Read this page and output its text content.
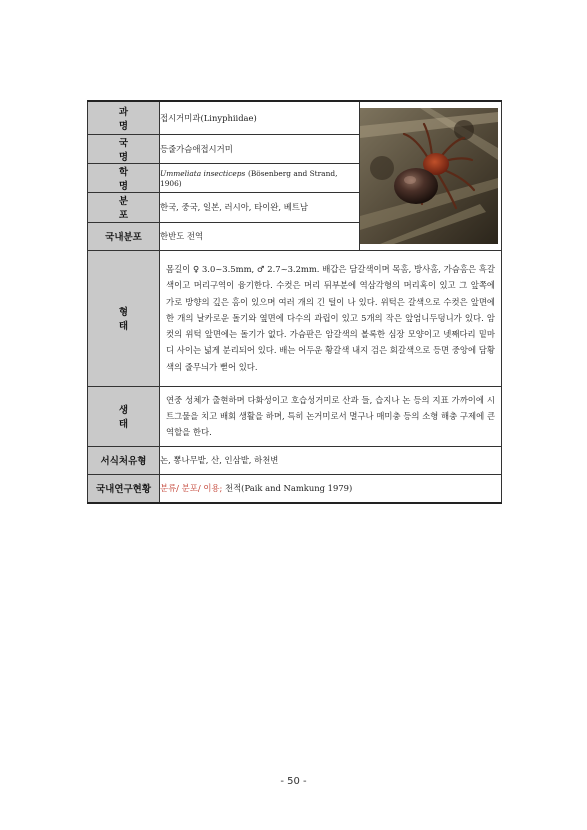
과 명	접시거미과(Linyphiidae)	

국 명	등줄가슴애접시거미	
학 명	Ummeliata insecticeps (Bösenberg and Strand, 1906)	
분 포	한국, 중국, 일본, 러시아, 타이완, 베트남	
국내분포	한반도 전역	
형 태	몸길이 ♀ 3.0~3.5mm, ♂ 2.7~3.2mm. 배갑은 담갈색이며 목홈, 방사홈, 가슴홈은 흑갈색이고 머리구역이 융기한다. 수컷은 머리 뒤부분에 역삼각형의 머리혹이 있고 그 앞쪽에 가로 방향의 깊은 홈이 있으며 여러 개의 긴 털이 나 있다. 위턱은 갈색으로 수컷은 앞면에 한 개의 날카로운 돌기와 옆면에 다수의 과립이 있고 5개의 작은 앞엄니두덩니가 있다. 암컷의 위턱 앞면에는 돌기가 없다. 가슴판은 암갈색의 볼록한 심장 모양이고 넷째다리 밑마디 사이는 넓게 분리되어 있다. 배는 어두운 황갈색 내지 검은 회갈색으로 등면 중앙에 담황색의 줄무늬가 뻗어 있다.	
생 태	연중 성체가 출현하며 다화성이고 호습성거미로 산과 들, 습지나 논 등의 지표 가까이에 시트그물을 치고 배회 생활을 하며, 특히 논거미로서 멸구나 매미충 등의 소형 해충 구제에 큰 역할을 한다.	
서식처유형	논, 뽕나무밭, 산, 인삼밭, 하천변	
국내연구현황	분류/ 분포/ 이용; 천적(Paik and Namkung 1979)	
- 50 -
